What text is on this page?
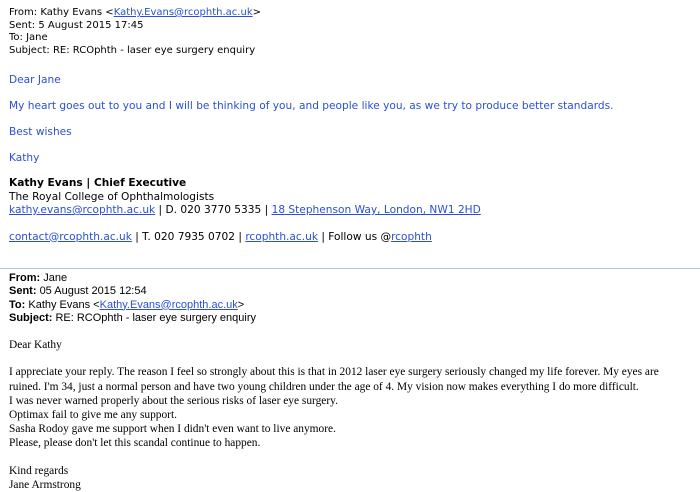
From: Kathy Evans <Kathy.Evans@rcophth.ac.uk>
Sent: 5 August 2015 17:45
To: Jane
Subject: RE: RCOphth - laser eye surgery enquiry
Dear Jane
My heart goes out to you and I will be thinking of you, and people like you, as we try to produce better standards.
Best wishes
Kathy
Kathy Evans | Chief Executive
The Royal College of Ophthalmologists
kathy.evans@rcophth.ac.uk | D. 020 3770 5335 | 18 Stephenson Way, London, NW1 2HD
contact@rcophth.ac.uk | T. 020 7935 0702 | rcophth.ac.uk | Follow us @rcophth
From: Jane
Sent: 05 August 2015 12:54
To: Kathy Evans <Kathy.Evans@rcophth.ac.uk>
Subject: RE: RCOphth - laser eye surgery enquiry
Dear Kathy
I appreciate your reply. The reason I feel so strongly about this is that in 2012 laser eye surgery seriously changed my life forever. My eyes are
ruined. I'm 34, just a normal person and have two young children under the age of 4. My vision now makes everything I do more difficult.
I was never warned properly about the serious risks of laser eye surgery.
Optimax fail to give me any support.
Sasha Rodoy gave me support when I didn't even want to live anymore.
Please, please don't let this scandal continue to happen.
Kind regards
Jane Armstrong
